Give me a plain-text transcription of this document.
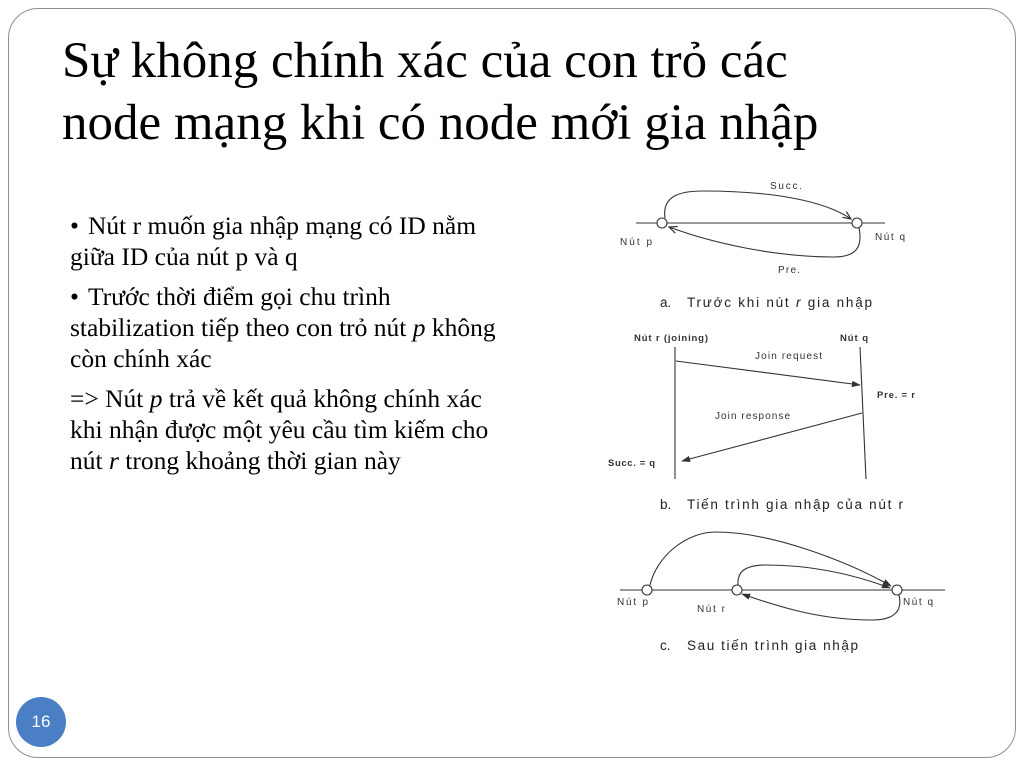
Sự không chính xác của con trỏ các
node mạng khi có node mới gia nhập
• Nút r muốn gia nhập mạng có ID nằm
giữa ID của nút p và q
• Trước thời điểm gọi chu trình
stabilization tiếp theo con trỏ nút p không
còn chính xác
=> Nút p trả về kết quả không chính xác
khi nhận được một yêu cầu tìm kiếm cho
nút r trong khoảng thời gian này
Succ.
Nút p	Nút q
Pre.
a. Trước khi nút r gia nhập
Nút r (joining)	Nút q
Join request
Pre. = r
Join response
Succ. = q
b. Tiến trình gia nhập của nút r
Nút p
Nút r
Nút q
c. Sau tiến trình gia nhập
16
